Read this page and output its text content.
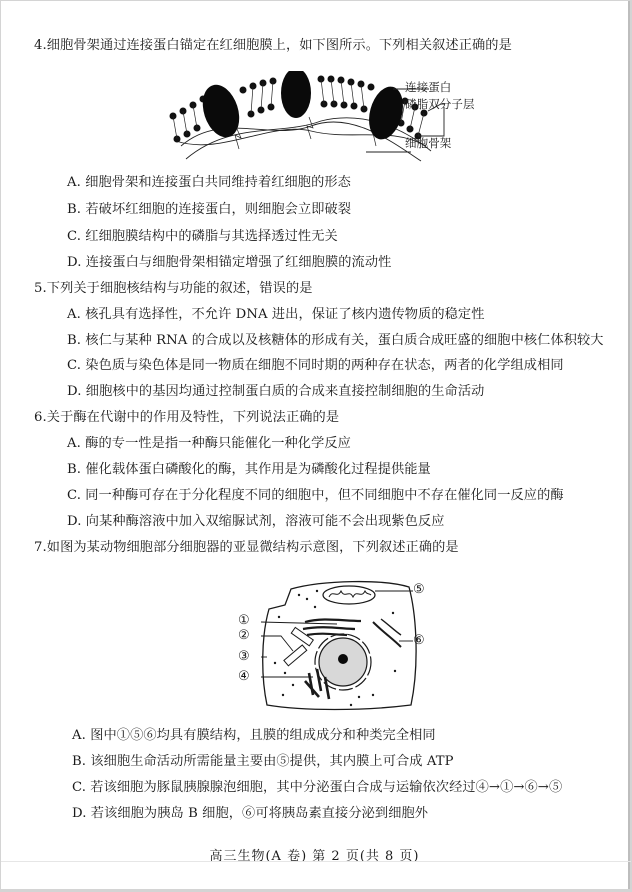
4.细胞骨架通过连接蛋白锚定在红细胞膜上，如下图所示。下列相关叙述正确的是
连接蛋白
磷脂双分子层
细胞骨架
A. 细胞骨架和连接蛋白共同维持着红细胞的形态
B. 若破坏红细胞的连接蛋白，则细胞会立即破裂
C. 红细胞膜结构中的磷脂与其选择透过性无关
D. 连接蛋白与细胞骨架相锚定增强了红细胞膜的流动性
5.下列关于细胞核结构与功能的叙述，错误的是
A. 核孔具有选择性，不允许 DNA 进出，保证了核内遗传物质的稳定性
B. 核仁与某种 RNA 的合成以及核糖体的形成有关，蛋白质合成旺盛的细胞中核仁体积较大
C. 染色质与染色体是同一物质在细胞不同时期的两种存在状态，两者的化学组成相同
D. 细胞核中的基因均通过控制蛋白质的合成来直接控制细胞的生命活动
6.关于酶在代谢中的作用及特性，下列说法正确的是
A. 酶的专一性是指一种酶只能催化一种化学反应
B. 催化载体蛋白磷酸化的酶，其作用是为磷酸化过程提供能量
C. 同一种酶可存在于分化程度不同的细胞中，但不同细胞中不存在催化同一反应的酶
D. 向某种酶溶液中加入双缩脲试剂，溶液可能不会出现紫色反应
7.如图为某动物细胞部分细胞器的亚显微结构示意图，下列叙述正确的是
①
②
③
④
⑤
⑥
A. 图中①⑤⑥均具有膜结构，且膜的组成成分和种类完全相同
B. 该细胞生命活动所需能量主要由⑤提供，其内膜上可合成 ATP
C. 若该细胞为豚鼠胰腺腺泡细胞，其中分泌蛋白合成与运输依次经过④→①→⑥→⑤
D. 若该细胞为胰岛 B 细胞，⑥可将胰岛素直接分泌到细胞外
高三生物(A 卷) 第 2 页(共 8 页)
